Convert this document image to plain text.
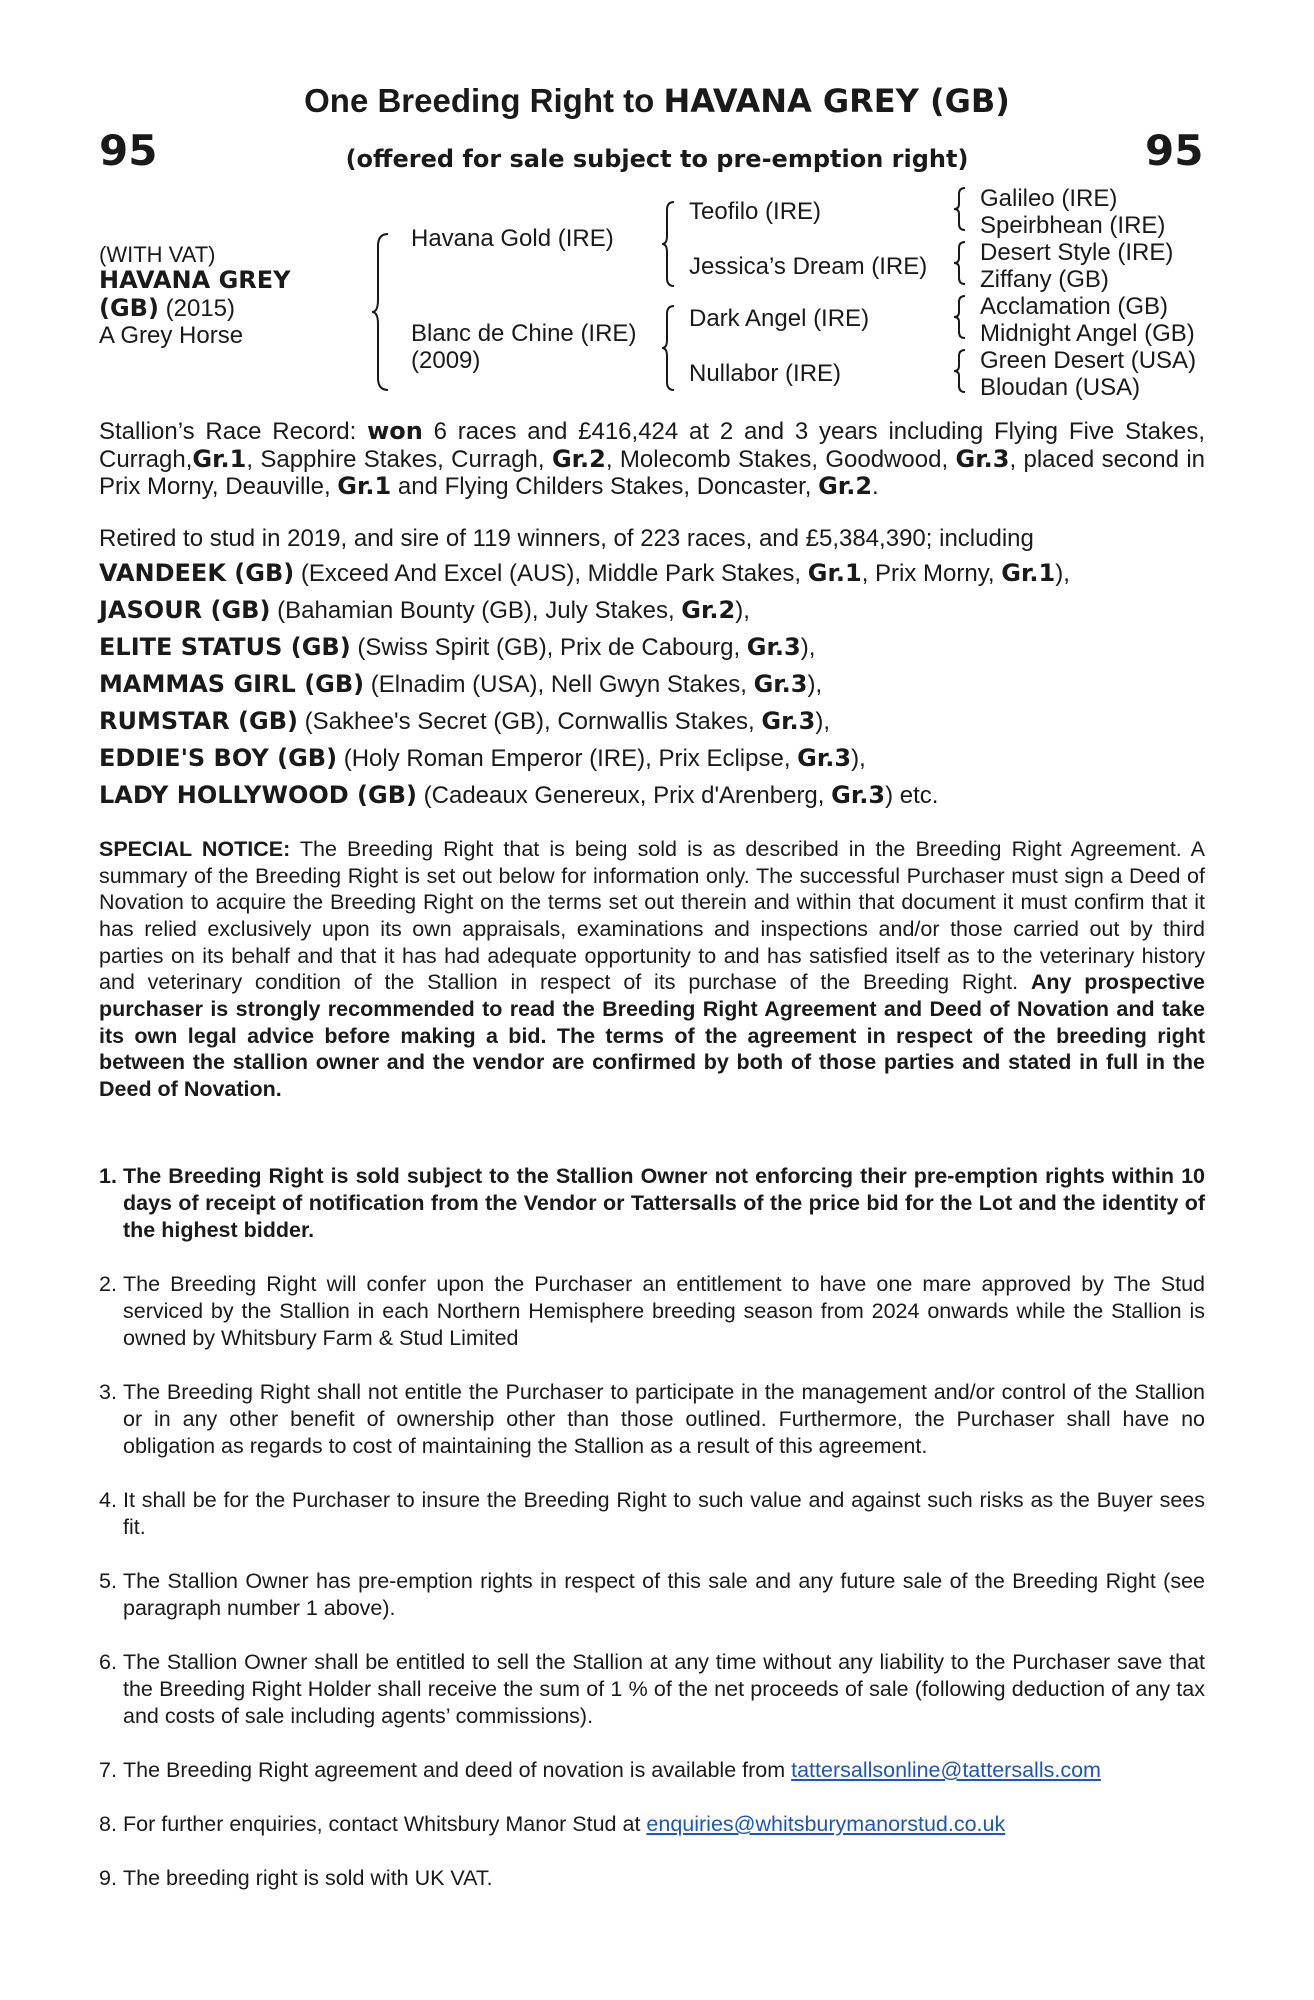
One Breeding Right to HAVANA GREY (GB)
95	95
(offered for sale subject to pre-emption right)
(WITH VAT)
HAVANA GREY
(GB) (2015)
A Grey Horse
Havana Gold (IRE)
Blanc de Chine (IRE)
(2009)
Teofilo (IRE)
Jessica’s Dream (IRE)
Dark Angel (IRE)
Nullabor (IRE)
Galileo (IRE)
Speirbhean (IRE)
Desert Style (IRE)
Ziffany (GB)
Acclamation (GB)
Midnight Angel (GB)
Green Desert (USA)
Bloudan (USA)
Stallion’s Race Record: won 6 races and £416,424 at 2 and 3 years including Flying Five Stakes, Curragh,Gr.1, Sapphire Stakes, Curragh, Gr.2, Molecomb Stakes, Goodwood, Gr.3, placed second in Prix Morny, Deauville, Gr.1 and Flying Childers Stakes, Doncaster, Gr.2.
Retired to stud in 2019, and sire of 119 winners, of 223 races, and £5,384,390; including
VANDEEK (GB) (Exceed And Excel (AUS), Middle Park Stakes, Gr.1, Prix Morny, Gr.1),
JASOUR (GB) (Bahamian Bounty (GB), July Stakes, Gr.2),
ELITE STATUS (GB) (Swiss Spirit (GB), Prix de Cabourg, Gr.3),
MAMMAS GIRL (GB) (Elnadim (USA), Nell Gwyn Stakes, Gr.3),
RUMSTAR (GB) (Sakhee's Secret (GB), Cornwallis Stakes, Gr.3),
EDDIE'S BOY (GB) (Holy Roman Emperor (IRE), Prix Eclipse, Gr.3),
LADY HOLLYWOOD (GB) (Cadeaux Genereux, Prix d'Arenberg, Gr.3) etc.
SPECIAL NOTICE: The Breeding Right that is being sold is as described in the Breeding Right Agreement. A summary of the Breeding Right is set out below for information only. The successful Purchaser must sign a Deed of Novation to acquire the Breeding Right on the terms set out therein and within that document it must confirm that it has relied exclusively upon its own appraisals, examinations and inspections and/or those carried out by third parties on its behalf and that it has had adequate opportunity to and has satisfied itself as to the veterinary history and veterinary condition of the Stallion in respect of its purchase of the Breeding Right. Any prospective purchaser is strongly recommended to read the Breeding Right Agreement and Deed of Novation and take its own legal advice before making a bid. The terms of the agreement in respect of the breeding right between the stallion owner and the vendor are confirmed by both of those parties and stated in full in the Deed of Novation.
1. The Breeding Right is sold subject to the Stallion Owner not enforcing their pre-emption rights within 10 days of receipt of notification from the Vendor or Tattersalls of the price bid for the Lot and the identity of the highest bidder.
2. The Breeding Right will confer upon the Purchaser an entitlement to have one mare approved by The Stud serviced by the Stallion in each Northern Hemisphere breeding season from 2024 onwards while the Stallion is owned by Whitsbury Farm & Stud Limited
3. The Breeding Right shall not entitle the Purchaser to participate in the management and/or control of the Stallion or in any other benefit of ownership other than those outlined. Furthermore, the Purchaser shall have no obligation as regards to cost of maintaining the Stallion as a result of this agreement.
4. It shall be for the Purchaser to insure the Breeding Right to such value and against such risks as the Buyer sees fit.
5. The Stallion Owner has pre-emption rights in respect of this sale and any future sale of the Breeding Right (see paragraph number 1 above).
6. The Stallion Owner shall be entitled to sell the Stallion at any time without any liability to the Purchaser save that the Breeding Right Holder shall receive the sum of 1 % of the net proceeds of sale (following deduction of any tax and costs of sale including agents’ commissions).
7. The Breeding Right agreement and deed of novation is available from tattersallsonline@tattersalls.com
8. For further enquiries, contact Whitsbury Manor Stud at enquiries@whitsburymanorstud.co.uk
9. The breeding right is sold with UK VAT.
